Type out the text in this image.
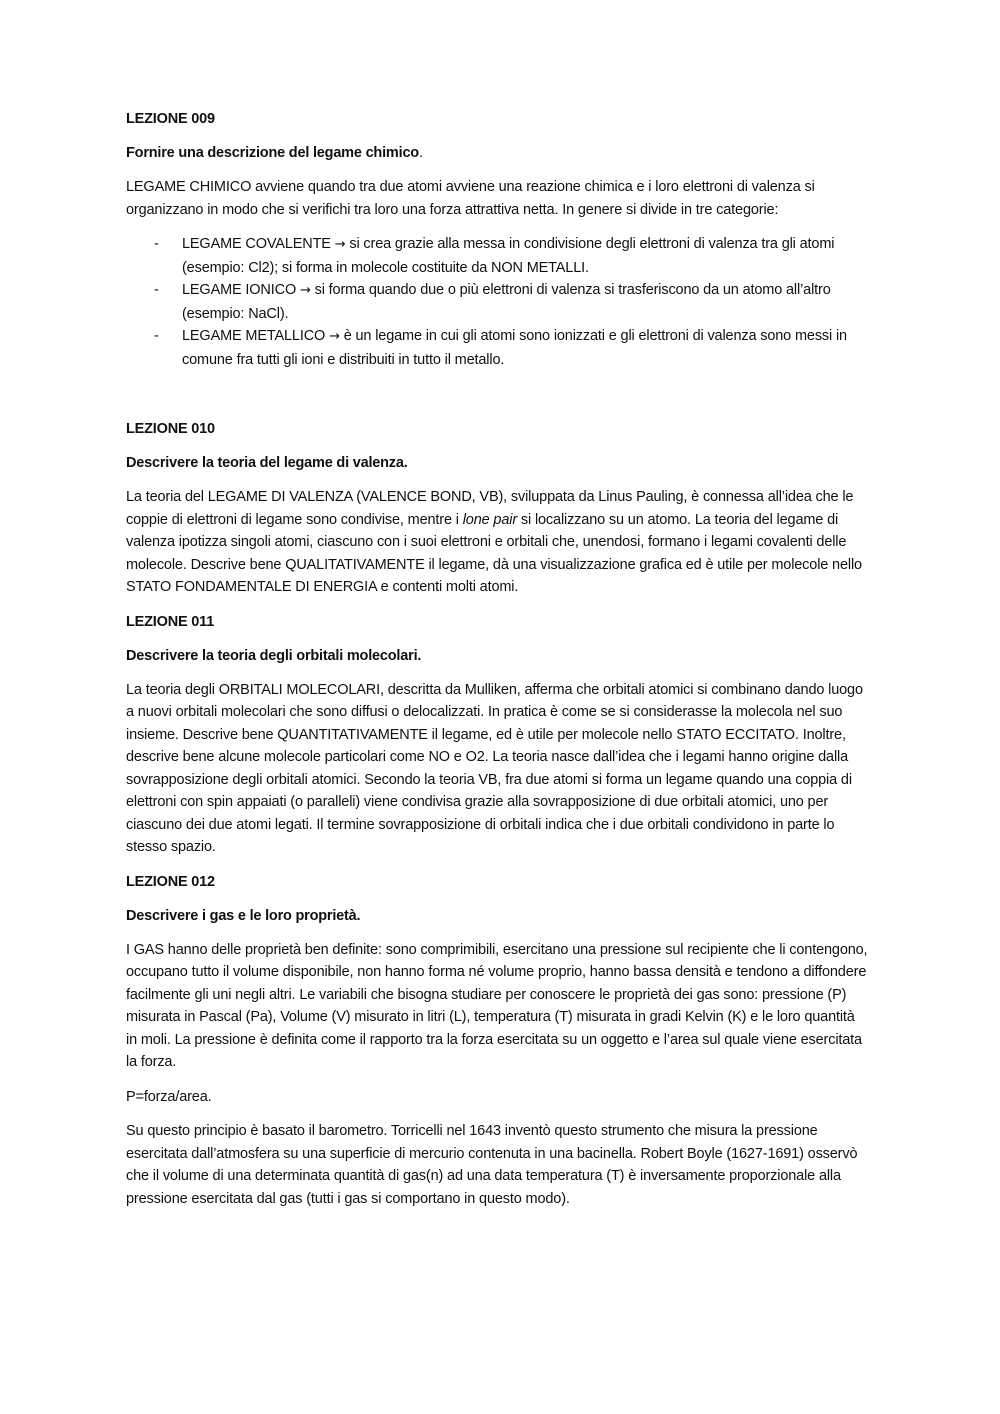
LEZIONE 009

Fornire una descrizione del legame chimico.

LEGAME CHIMICO avviene quando tra due atomi avviene una reazione chimica e i loro elettroni di valenza si organizzano in modo che si verifichi tra loro una forza attrattiva netta. In genere si divide in tre categorie:

- LEGAME COVALENTE → si crea grazie alla messa in condivisione degli elettroni di valenza tra gli atomi (esempio: Cl2); si forma in molecole costituite da NON METALLI.
- LEGAME IONICO → si forma quando due o più elettroni di valenza si trasferiscono da un atomo all’altro (esempio: NaCl).
- LEGAME METALLICO → è un legame in cui gli atomi sono ionizzati e gli elettroni di valenza sono messi in comune fra tutti gli ioni e distribuiti in tutto il metallo.

LEZIONE 010

Descrivere la teoria del legame di valenza.

La teoria del LEGAME DI VALENZA (VALENCE BOND, VB), sviluppata da Linus Pauling, è connessa all’idea che le coppie di elettroni di legame sono condivise, mentre i lone pair si localizzano su un atomo. La teoria del legame di valenza ipotizza singoli atomi, ciascuno con i suoi elettroni e orbitali che, unendosi, formano i legami covalenti delle molecole. Descrive bene QUALITATIVAMENTE il legame, dà una visualizzazione grafica ed è utile per molecole nello STATO FONDAMENTALE DI ENERGIA e contenti molti atomi.

LEZIONE 011

Descrivere la teoria degli orbitali molecolari.

La teoria degli ORBITALI MOLECOLARI, descritta da Mulliken, afferma che orbitali atomici si combinano dando luogo a nuovi orbitali molecolari che sono diffusi o delocalizzati. In pratica è come se si considerasse la molecola nel suo insieme. Descrive bene QUANTITATIVAMENTE il legame, ed è utile per molecole nello STATO ECCITATO. Inoltre, descrive bene alcune molecole particolari come NO e O2. La teoria nasce dall’idea che i legami hanno origine dalla sovrapposizione degli orbitali atomici. Secondo la teoria VB, fra due atomi si forma un legame quando una coppia di elettroni con spin appaiati (o paralleli) viene condivisa grazie alla sovrapposizione di due orbitali atomici, uno per ciascuno dei due atomi legati. Il termine sovrapposizione di orbitali indica che i due orbitali condividono in parte lo stesso spazio.

LEZIONE 012

Descrivere i gas e le loro proprietà.

I GAS hanno delle proprietà ben definite: sono comprimibili, esercitano una pressione sul recipiente che li contengono, occupano tutto il volume disponibile, non hanno forma né volume proprio, hanno bassa densità e tendono a diffondere facilmente gli uni negli altri. Le variabili che bisogna studiare per conoscere le proprietà dei gas sono: pressione (P) misurata in Pascal (Pa), Volume (V) misurato in litri (L), temperatura (T) misurata in gradi Kelvin (K) e le loro quantità in moli. La pressione è definita come il rapporto tra la forza esercitata su un oggetto e l’area sul quale viene esercitata la forza.

P=forza/area.

Su questo principio è basato il barometro. Torricelli nel 1643 inventò questo strumento che misura la pressione esercitata dall’atmosfera su una superficie di mercurio contenuta in una bacinella. Robert Boyle (1627-1691) osservò che il volume di una determinata quantità di gas(n) ad una data temperatura (T) è inversamente proporzionale alla pressione esercitata dal gas (tutti i gas si comportano in questo modo).
